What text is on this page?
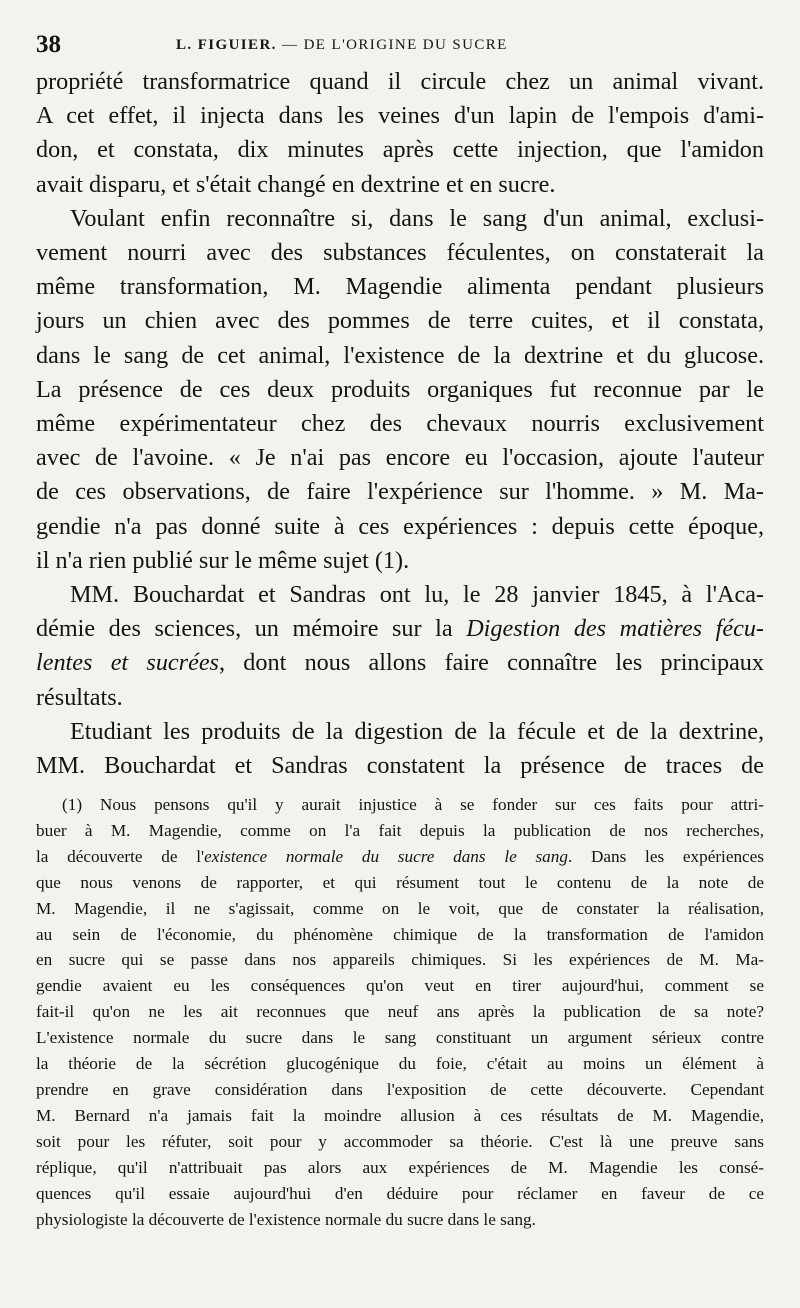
38	L. FIGUIER. — DE L'ORIGINE DU SUCRE
propriété transformatrice quand il circule chez un animal vivant.
A cet effet, il injecta dans les veines d'un lapin de l'empois d'ami-
don, et constata, dix minutes après cette injection, que l'amidon
avait disparu, et s'était changé en dextrine et en sucre.
Voulant enfin reconnaître si, dans le sang d'un animal, exclusi-
vement nourri avec des substances féculentes, on constaterait la
même transformation, M. Magendie alimenta pendant plusieurs
jours un chien avec des pommes de terre cuites, et il constata,
dans le sang de cet animal, l'existence de la dextrine et du glucose.
La présence de ces deux produits organiques fut reconnue par le
même expérimentateur chez des chevaux nourris exclusivement
avec de l'avoine. « Je n'ai pas encore eu l'occasion, ajoute l'auteur
de ces observations, de faire l'expérience sur l'homme. » M. Ma-
gendie n'a pas donné suite à ces expériences : depuis cette époque,
il n'a rien publié sur le même sujet (1).
MM. Bouchardat et Sandras ont lu, le 28 janvier 1845, à l'Aca-
démie des sciences, un mémoire sur la Digestion des matières fécu-
lentes et sucrées, dont nous allons faire connaître les principaux
résultats.
Etudiant les produits de la digestion de la fécule et de la dextrine,
MM. Bouchardat et Sandras constatent la présence de traces de
(1) Nous pensons qu'il y aurait injustice à se fonder sur ces faits pour attri-
buer à M. Magendie, comme on l'a fait depuis la publication de nos recherches,
la découverte de l'existence normale du sucre dans le sang. Dans les expériences
que nous venons de rapporter, et qui résument tout le contenu de la note de
M. Magendie, il ne s'agissait, comme on le voit, que de constater la réalisation,
au sein de l'économie, du phénomène chimique de la transformation de l'amidon
en sucre qui se passe dans nos appareils chimiques. Si les expériences de M. Ma-
gendie avaient eu les conséquences qu'on veut en tirer aujourd'hui, comment se
fait-il qu'on ne les ait reconnues que neuf ans après la publication de sa note?
L'existence normale du sucre dans le sang constituant un argument sérieux contre
la théorie de la sécrétion glucogénique du foie, c'était au moins un élément à
prendre en grave considération dans l'exposition de cette découverte. Cependant
M. Bernard n'a jamais fait la moindre allusion à ces résultats de M. Magendie,
soit pour les réfuter, soit pour y accommoder sa théorie. C'est là une preuve sans
réplique, qu'il n'attribuait pas alors aux expériences de M. Magendie les consé-
quences qu'il essaie aujourd'hui d'en déduire pour réclamer en faveur de ce
physiologiste la découverte de l'existence normale du sucre dans le sang.
